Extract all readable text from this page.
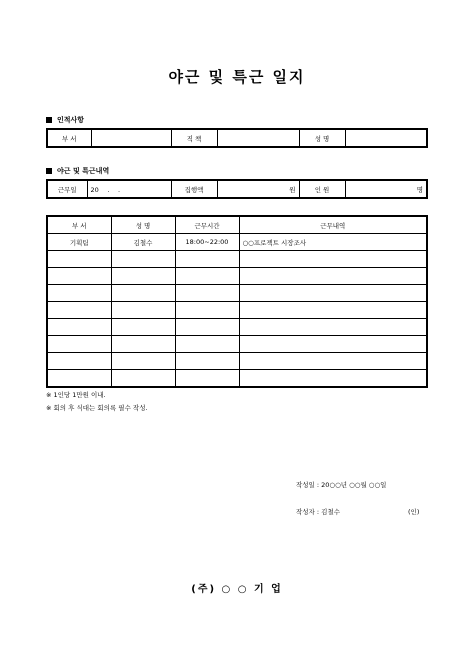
야근 및 특근 일지
인적사항
부 서		직 책		성 명	
야근 및 특근내역
근무일	20　 .　 .	집행액	원	인 원	명
부 서	성 명	근무시간	근무내역
기획팀	김철수	18:00~22:00	○○프로젝트 시장조사

※ 1인당 1만원 이내.
※ 회의 후 식대는 회의록 필수 작성.
작성일 : 20○○년 ○○월 ○○일
작성자 : 김철수	(인)
(주) ○ ○ 기 업
